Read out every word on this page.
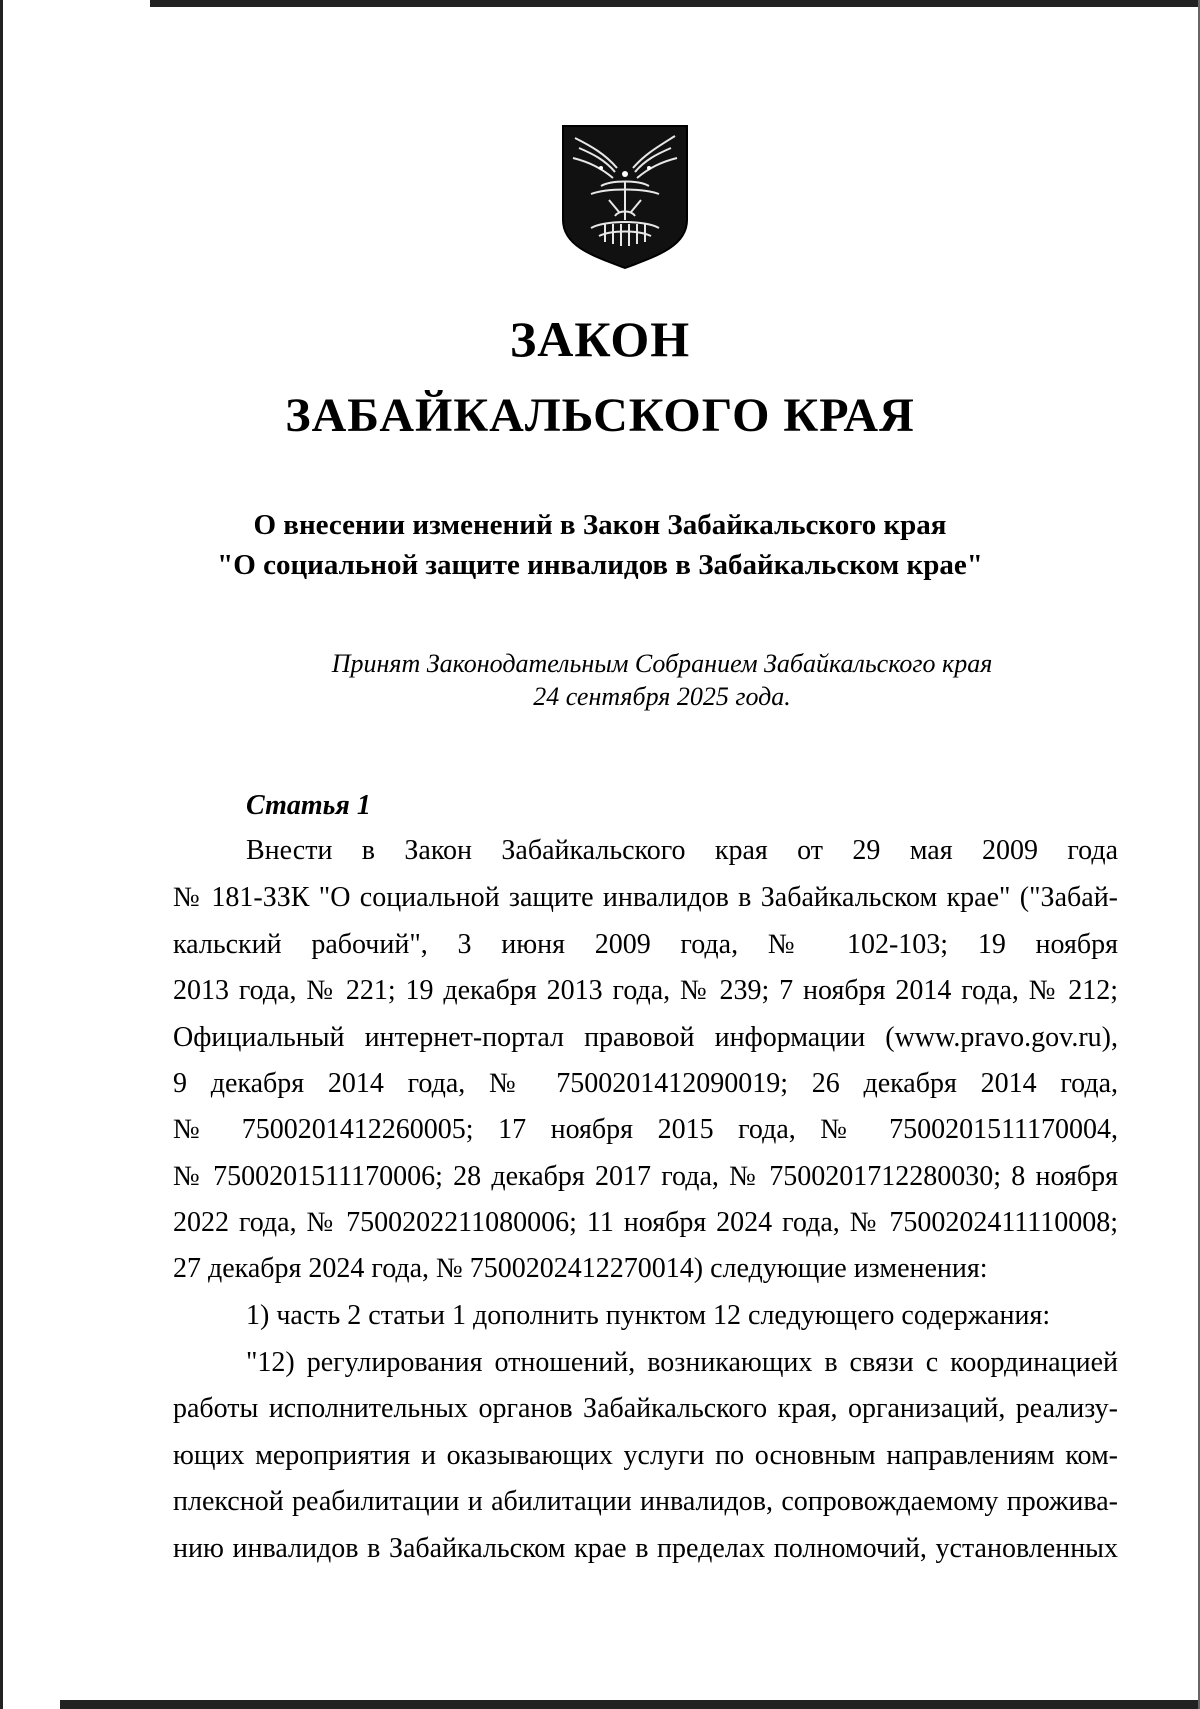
ЗАКОН
ЗАБАЙКАЛЬСКОГО КРАЯ
О внесении изменений в Закон Забайкальского края
"О социальной защите инвалидов в Забайкальском крае"
Принят Законодательным Собранием Забайкальского края
24 сентября 2025 года.
Статья 1
Внести в Закон Забайкальского края от 29 мая 2009 года
№ 181-ЗЗК "О социальной защите инвалидов в Забайкальском крае" ("Забай-
кальский рабочий", 3 июня 2009 года, № 102-103; 19 ноября
2013 года, № 221; 19 декабря 2013 года, № 239; 7 ноября 2014 года, № 212;
Официальный интернет-портал правовой информации (www.pravo.gov.ru),
9 декабря 2014 года, № 7500201412090019; 26 декабря 2014 года,
№ 7500201412260005; 17 ноября 2015 года, № 7500201511170004,
№ 7500201511170006; 28 декабря 2017 года, № 7500201712280030; 8 ноября
2022 года, № 7500202211080006; 11 ноября 2024 года, № 7500202411110008;
27 декабря 2024 года, № 7500202412270014) следующие изменения:
1) часть 2 статьи 1 дополнить пунктом 12 следующего содержания:
"12) регулирования отношений, возникающих в связи с координацией
работы исполнительных органов Забайкальского края, организаций, реализу-
ющих мероприятия и оказывающих услуги по основным направлениям ком-
плексной реабилитации и абилитации инвалидов, сопровождаемому прожива-
нию инвалидов в Забайкальском крае в пределах полномочий, установленных
